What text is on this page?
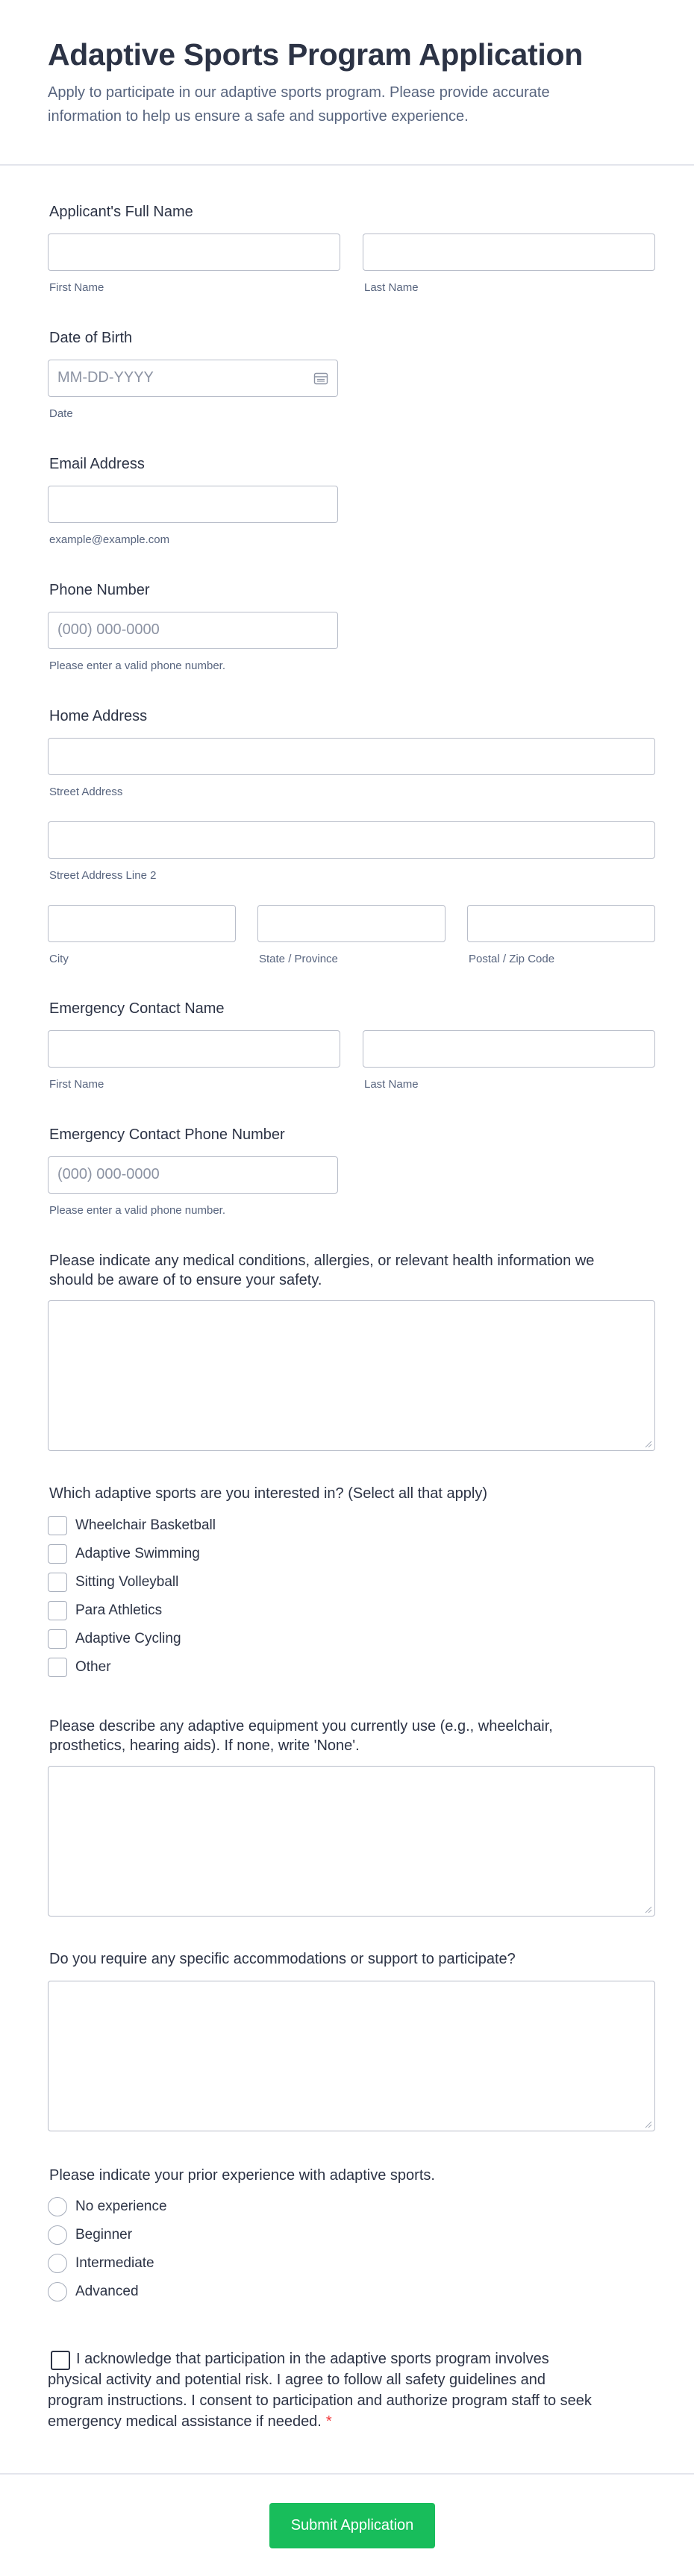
Adaptive Sports Program Application
Apply to participate in our adaptive sports program. Please provide accurate information to help us ensure a safe and supportive experience.
Applicant's Full Name
First Name	Last Name
Date of Birth
MM-DD-YYYY
Date
Email Address
example@example.com
Phone Number
(000) 000-0000
Please enter a valid phone number.
Home Address
Street Address
Street Address Line 2
City	State / Province	Postal / Zip Code
Emergency Contact Name
First Name	Last Name
Emergency Contact Phone Number
(000) 000-0000
Please enter a valid phone number.
Please indicate any medical conditions, allergies, or relevant health information we
should be aware of to ensure your safety.
Which adaptive sports are you interested in? (Select all that apply)
Wheelchair Basketball
Adaptive Swimming
Sitting Volleyball
Para Athletics
Adaptive Cycling
Other
Please describe any adaptive equipment you currently use (e.g., wheelchair,
prosthetics, hearing aids). If none, write 'None'.
Do you require any specific accommodations or support to participate?
Please indicate your prior experience with adaptive sports.
No experience
Beginner
Intermediate
Advanced
I acknowledge that participation in the adaptive sports program involves physical activity and potential risk. I agree to follow all safety guidelines and program instructions. I consent to participation and authorize program staff to seek emergency medical assistance if needed. *
Submit Application
